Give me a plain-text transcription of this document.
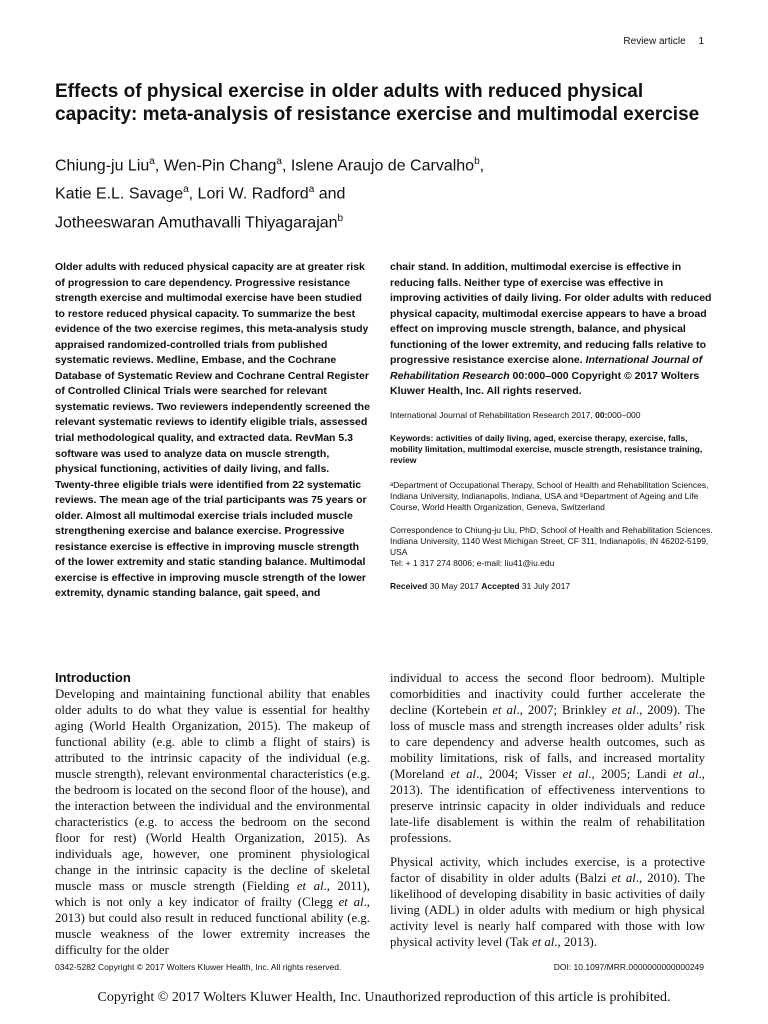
Review article 1
Effects of physical exercise in older adults with reduced physical capacity: meta-analysis of resistance exercise and multimodal exercise
Chiung-ju Liu$^a$, Wen-Pin Chang$^a$, Islene Araujo de Carvalho$^b$,
Katie E.L. Savage$^a$, Lori W. Radford$^a$ and
Jotheeswaran Amuthavalli Thiyagarajan$^b$

Older adults with reduced physical capacity are at greater risk of progression to care dependency. Progressive resistance strength exercise and multimodal exercise have been studied to restore reduced physical capacity. To summarize the best evidence of the two exercise regimes, this meta-analysis study appraised randomized-controlled trials from published systematic reviews. Medline, Embase, and the Cochrane Database of Systematic Review and Cochrane Central Register of Controlled Clinical Trials were searched for relevant systematic reviews. Two reviewers independently screened the relevant systematic reviews to identify eligible trials, assessed trial methodological quality, and extracted data. RevMan 5.3 software was used to analyze data on muscle strength, physical functioning, activities of daily living, and falls. Twenty-three eligible trials were identified from 22 systematic reviews. The mean age of the trial participants was 75 years or older. Almost all multimodal exercise trials included muscle strengthening exercise and balance exercise. Progressive resistance exercise is effective in improving muscle strength of the lower extremity and static standing balance. Multimodal exercise is effective in improving muscle strength of the lower extremity, dynamic standing balance, gait speed, and

chair stand. In addition, multimodal exercise is effective in reducing falls. Neither type of exercise was effective in improving activities of daily living. For older adults with reduced physical capacity, multimodal exercise appears to have a broad effect on improving muscle strength, balance, and physical functioning of the lower extremity, and reducing falls relative to progressive resistance exercise alone. International Journal of Rehabilitation Research 00:000–000 Copyright © 2017 Wolters Kluwer Health, Inc. All rights reserved.

International Journal of Rehabilitation Research 2017, 00:000–000

Keywords: activities of daily living, aged, exercise therapy, exercise, falls, mobility limitation, multimodal exercise, muscle strength, resistance training, review

ᵃDepartment of Occupational Therapy, School of Health and Rehabilitation Sciences, Indiana University, Indianapolis, Indiana, USA and ᵇDepartment of Ageing and Life Course, World Health Organization, Geneva, Switzerland

Correspondence to Chiung-ju Liu, PhD, School of Health and Rehabilitation Sciences. Indiana University, 1140 West Michigan Street, CF 311, Indianapolis, IN 46202-5199, USA

Tel: + 1 317 274 8006; e-mail: liu41@iu.edu

Received 30 May 2017 Accepted 31 July 2017

Introduction

Developing and maintaining functional ability that enables older adults to do what they value is essential for healthy aging (World Health Organization, 2015). The makeup of functional ability (e.g. able to climb a flight of stairs) is attributed to the intrinsic capacity of the individual (e.g. muscle strength), relevant environmental characteristics (e.g. the bedroom is located on the second floor of the house), and the interaction between the individual and the environmental characteristics (e.g. to access the bedroom on the second floor for rest) (World Health Organization, 2015). As individuals age, however, one prominent physiological change in the intrinsic capacity is the decline of skeletal muscle mass or muscle strength (Fielding et al., 2011), which is not only a key indicator of frailty (Clegg et al., 2013) but could also result in reduced functional ability (e.g. muscle weakness of the lower extremity increases the difficulty for the older

individual to access the second floor bedroom). Multiple comorbidities and inactivity could further accelerate the decline (Kortebein et al., 2007; Brinkley et al., 2009). The loss of muscle mass and strength increases older adults’ risk to care dependency and adverse health outcomes, such as mobility limitations, risk of falls, and increased mortality (Moreland et al., 2004; Visser et al., 2005; Landi et al., 2013). The identification of effectiveness interventions to preserve intrinsic capacity in older individuals and reduce late-life disablement is within the realm of rehabilitation professions.

Physical activity, which includes exercise, is a protective factor of disability in older adults (Balzi et al., 2010). The likelihood of developing disability in basic activities of daily living (ADL) in older adults with medium or high physical activity level is nearly half compared with those with low physical activity level (Tak et al., 2013).

0342-5282 Copyright © 2017 Wolters Kluwer Health, Inc. All rights reserved.	DOI: 10.1097/MRR.0000000000000249
Copyright © 2017 Wolters Kluwer Health, Inc. Unauthorized reproduction of this article is prohibited.
